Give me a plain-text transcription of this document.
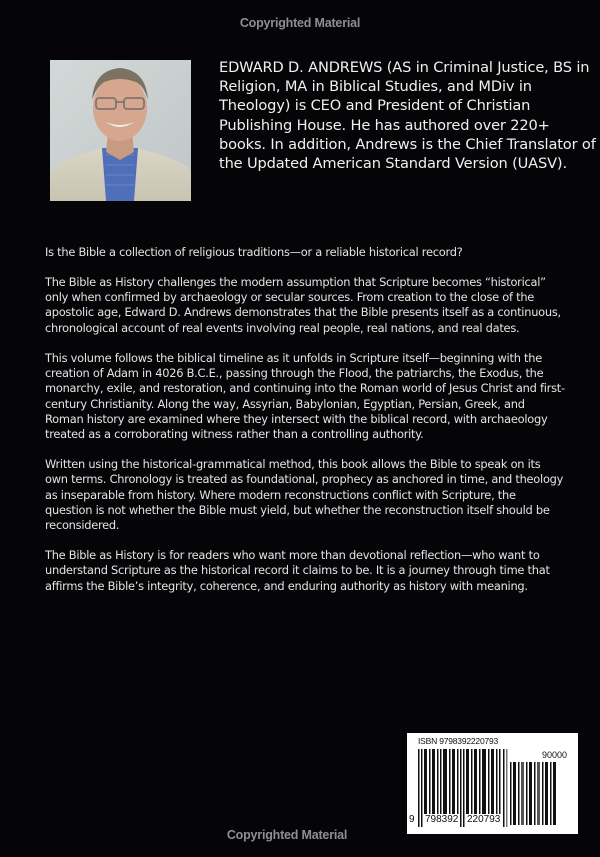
Copyrighted Material
EDWARD D. ANDREWS (AS in Criminal Justice, BS in Religion, MA in Biblical Studies, and MDiv in Theology) is CEO and President of Christian Publishing House. He has authored over 220+ books. In addition, Andrews is the Chief Translator of the Updated American Standard Version (UASV).

Is the Bible a collection of religious traditions—or a reliable historical record?

The Bible as History challenges the modern assumption that Scripture becomes “historical” only when confirmed by archaeology or secular sources. From creation to the close of the apostolic age, Edward D. Andrews demonstrates that the Bible presents itself as a continuous, chronological account of real events involving real people, real nations, and real dates.

This volume follows the biblical timeline as it unfolds in Scripture itself—beginning with the creation of Adam in 4026 B.C.E., passing through the Flood, the patriarchs, the Exodus, the monarchy, exile, and restoration, and continuing into the Roman world of Jesus Christ and first-century Christianity. Along the way, Assyrian, Babylonian, Egyptian, Persian, Greek, and Roman history are examined where they intersect with the biblical record, with archaeology treated as a corroborating witness rather than a controlling authority.

Written using the historical-grammatical method, this book allows the Bible to speak on its own terms. Chronology is treated as foundational, prophecy as anchored in time, and theology as inseparable from history. Where modern reconstructions conflict with Scripture, the question is not whether the Bible must yield, but whether the reconstruction itself should be reconsidered.

The Bible as History is for readers who want more than devotional reflection—who want to understand Scripture as the historical record it claims to be. It is a journey through time that affirms the Bible’s integrity, coherence, and enduring authority as history with meaning.

ISBN 9798392220793
90000
9 798392 220793
Copyrighted Material
